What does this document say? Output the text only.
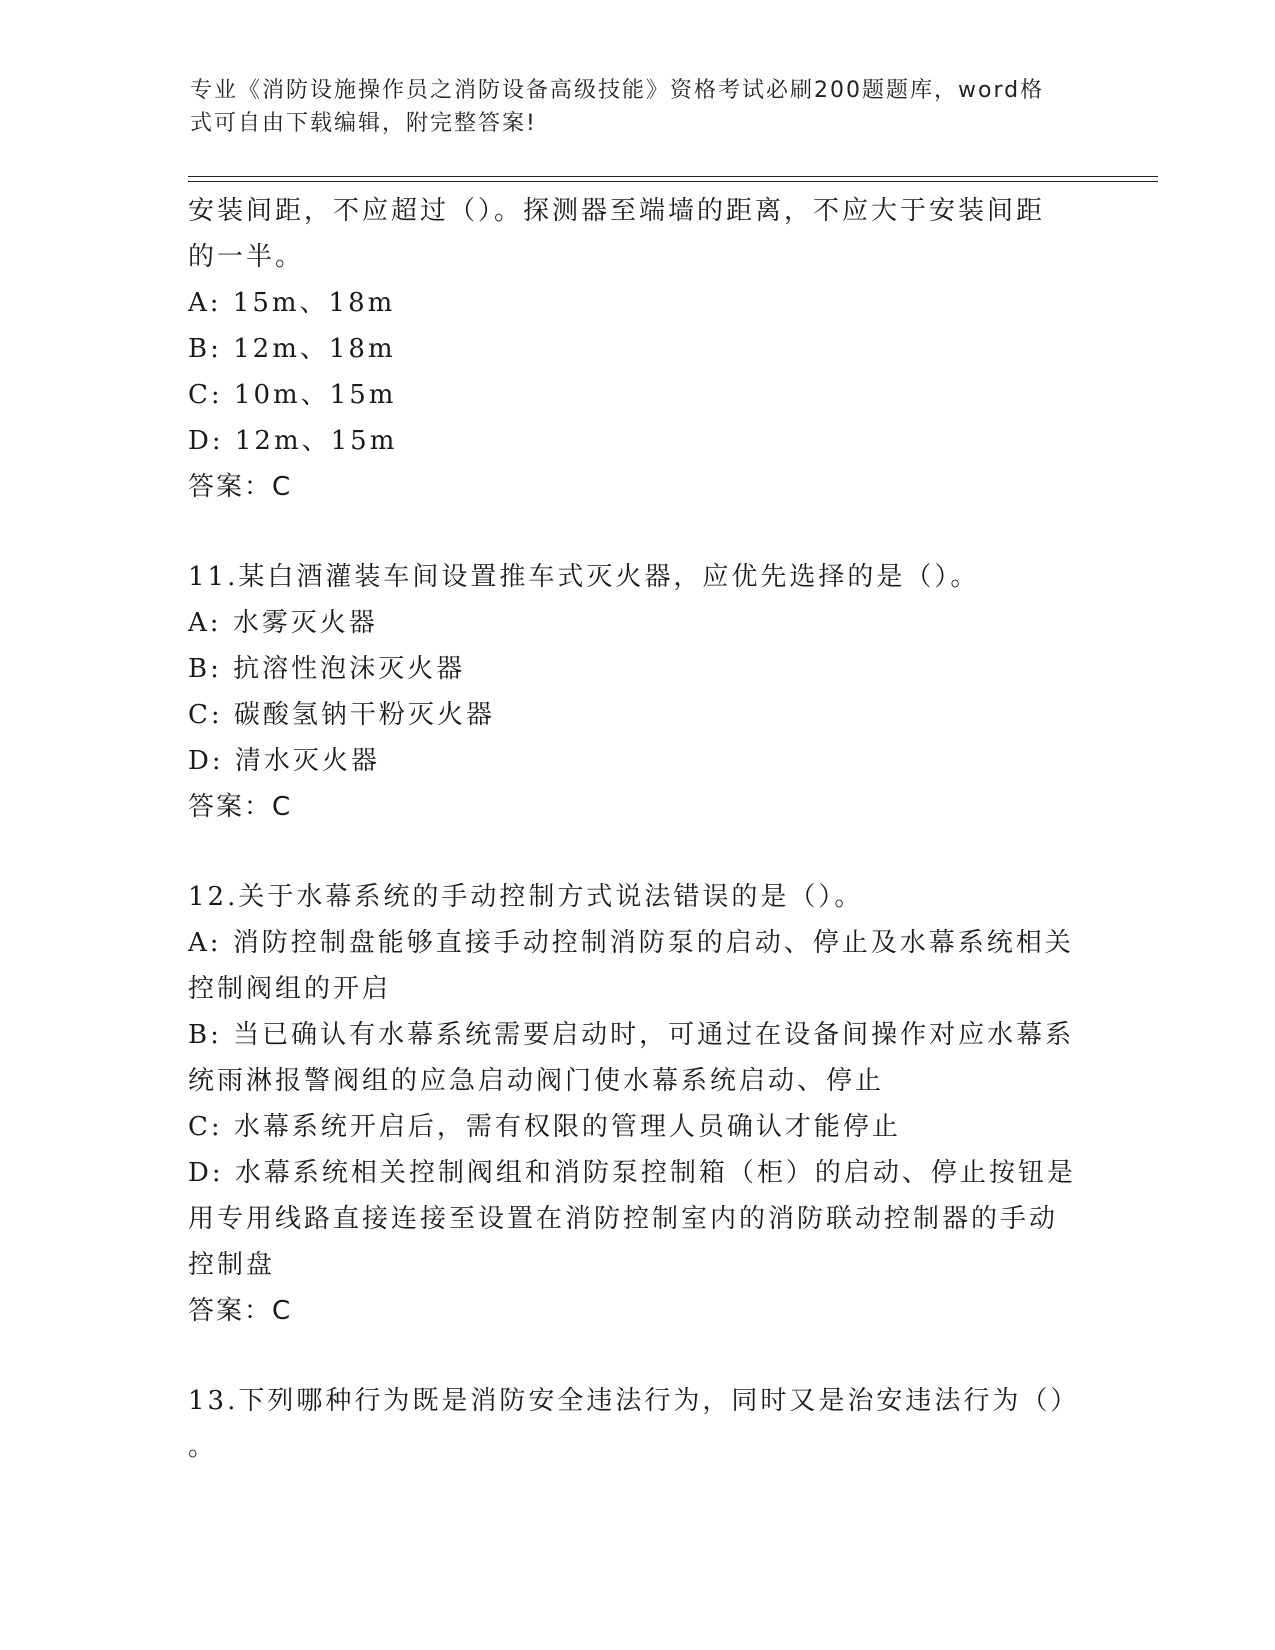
专业《消防设施操作员之消防设备高级技能》资格考试必刷200题题库，word格
式可自由下载编辑，附完整答案!
安装间距，不应超过（）。探测器至端墙的距离，不应大于安装间距
的一半。
A: 15m、18m
B: 12m、18m
C: 10m、15m
D: 12m、15m
答案：C
11.某白酒灌装车间设置推车式灭火器，应优先选择的是（）。
A: 水雾灭火器
B: 抗溶性泡沫灭火器
C: 碳酸氢钠干粉灭火器
D: 清水灭火器
答案：C
12.关于水幕系统的手动控制方式说法错误的是（）。
A: 消防控制盘能够直接手动控制消防泵的启动、停止及水幕系统相关
控制阀组的开启
B: 当已确认有水幕系统需要启动时，可通过在设备间操作对应水幕系
统雨淋报警阀组的应急启动阀门使水幕系统启动、停止
C: 水幕系统开启后，需有权限的管理人员确认才能停止
D: 水幕系统相关控制阀组和消防泵控制箱（柜）的启动、停止按钮是
用专用线路直接连接至设置在消防控制室内的消防联动控制器的手动
控制盘
答案：C
13.下列哪种行为既是消防安全违法行为，同时又是治安违法行为（）
。
